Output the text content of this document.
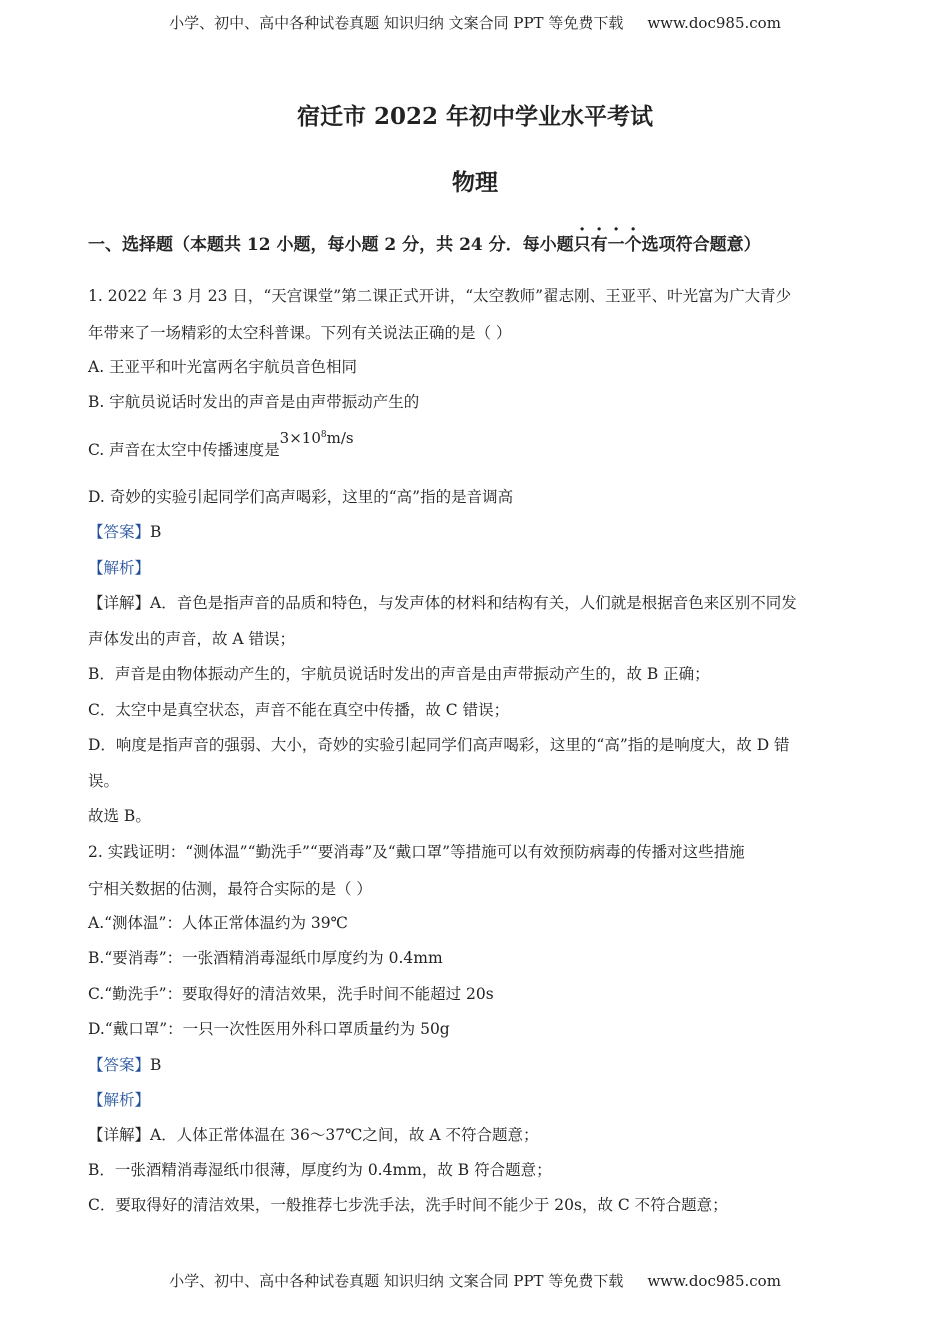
小学、初中、高中各种试卷真题 知识归纳 文案合同 PPT 等免费下载 www.doc985.com
宿迁市 2022 年初中学业水平考试
物理
一、选择题（本题共 12 小题，每小题 2 分，共 24 分．每小题只有一个选项符合题意）
1. 2022 年 3 月 23 日，“天宫课堂”第二课正式开讲，“太空教师”翟志刚、王亚平、叶光富为广大青少
年带来了一场精彩的太空科普课。下列有关说法正确的是（ ）
A. 王亚平和叶光富两名宇航员音色相同
B. 宇航员说话时发出的声音是由声带振动产生的
C. 声音在太空中传播速度是$3\times 10^8m/s$
D. 奇妙的实验引起同学们高声喝彩，这里的“高”指的是音调高
【答案】B
【解析】
【详解】A．音色是指声音的品质和特色，与发声体的材料和结构有关，人们就是根据音色来区别不同发
声体发出的声音，故 A 错误；
B．声音是由物体振动产生的，宇航员说话时发出的声音是由声带振动产生的，故 B 正确；
C．太空中是真空状态，声音不能在真空中传播，故 C 错误；
D．响度是指声音的强弱、大小，奇妙的实验引起同学们高声喝彩，这里的“高”指的是响度大，故 D 错
误。
故选 B。
2. 实践证明：“测体温”“勤洗手”“要消毒”及“戴口罩”等措施可以有效预防病毒的传播对这些措施
宁相关数据的估测，最符合实际的是（ ）
A.“测体温”：人体正常体温约为 39℃
B.“要消毒”：一张酒精消毒湿纸巾厚度约为 0.4mm
C.“勤洗手”：要取得好的清洁效果，洗手时间不能超过 20s
D.“戴口罩”：一只一次性医用外科口罩质量约为 50g
【答案】B
【解析】
【详解】A．人体正常体温在 36～37℃之间，故 A 不符合题意；
B．一张酒精消毒湿纸巾很薄，厚度约为 0.4mm，故 B 符合题意；
C．要取得好的清洁效果，一般推荐七步洗手法，洗手时间不能少于 20s，故 C 不符合题意；
小学、初中、高中各种试卷真题 知识归纳 文案合同 PPT 等免费下载 www.doc985.com
